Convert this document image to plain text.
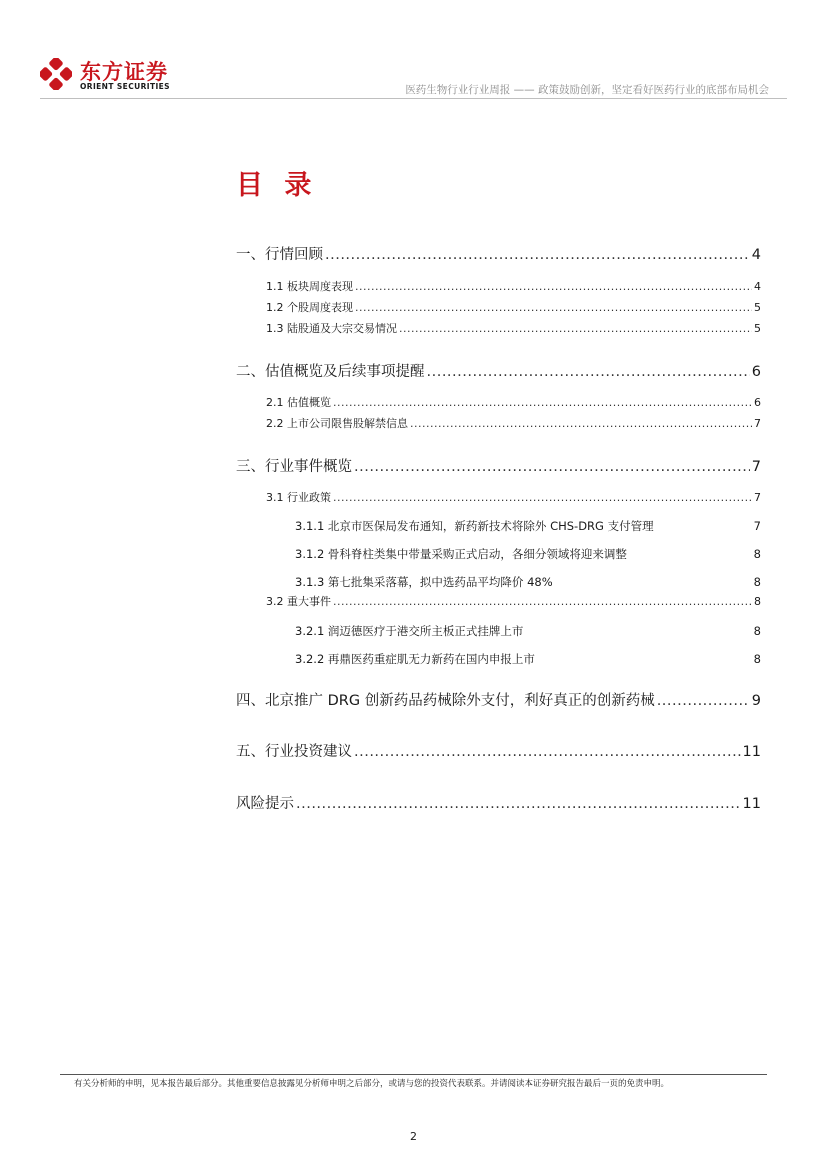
东方证券
ORIENT SECURITIES	医药生物行业行业周报 —— 政策鼓励创新，坚定看好医药行业的底部布局机会
目 录
一、行情回顾 .....	4
1.1 板块周度表现 .....	4
1.2 个股周度表现 .....	5
1.3 陆股通及大宗交易情况 .....	5
二、估值概览及后续事项提醒 .....	6
2.1 估值概览 .....	6
2.2 上市公司限售股解禁信息 .....	7
三、行业事件概览 .....	7
3.1 行业政策 .....	7
3.1.1 北京市医保局发布通知，新药新技术将除外 CHS-DRG 支付管理	7
3.1.2 骨科脊柱类集中带量采购正式启动，各细分领域将迎来调整	8
3.1.3 第七批集采落幕，拟中选药品平均降价 48%	8
3.2 重大事件 .....	8
3.2.1 润迈德医疗于港交所主板正式挂牌上市	8
3.2.2 再鼎医药重症肌无力新药在国内申报上市	8
四、北京推广 DRG 创新药品药械除外支付，利好真正的创新药械 .....	9
五、行业投资建议 .....	11
风险提示 .....	11
有关分析师的申明，见本报告最后部分。其他重要信息披露见分析师申明之后部分，或请与您的投资代表联系。并请阅读本证券研究报告最后一页的免责申明。
2
